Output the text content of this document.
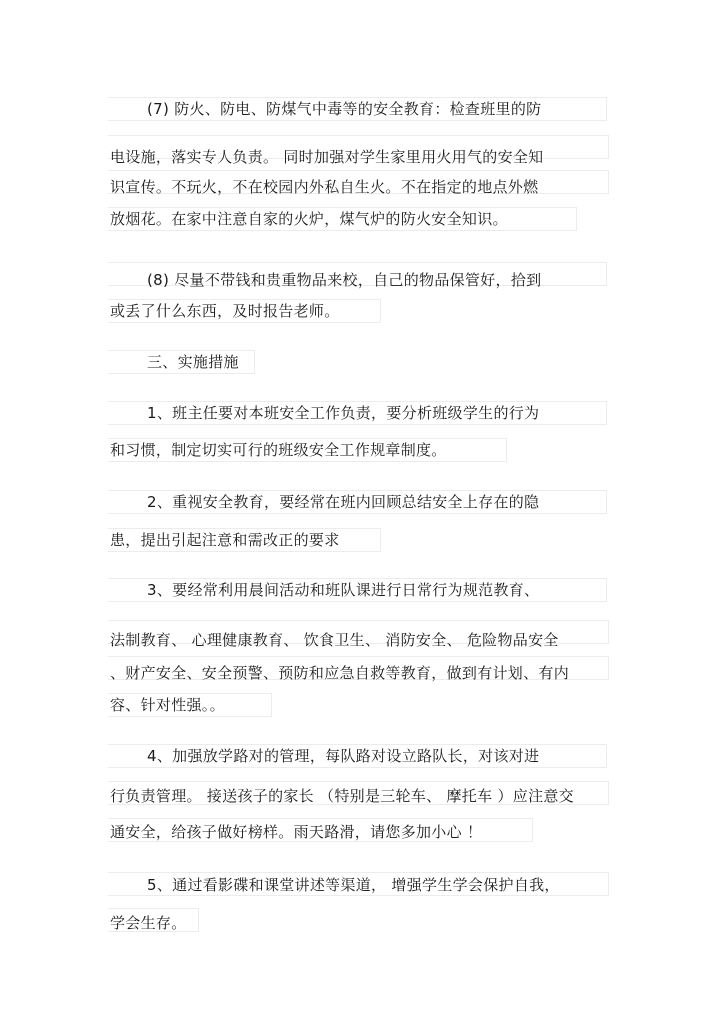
(7) 防火、防电、防煤气中毒等的安全教育：检查班里的防
电设施，落实专人负责。 同时加强对学生家里用火用气的安全知
识宣传。不玩火，不在校园内外私自生火。不在指定的地点外燃
放烟花。在家中注意自家的火炉，煤气炉的防火安全知识。
(8) 尽量不带钱和贵重物品来校，自己的物品保管好，拾到
或丢了什么东西，及时报告老师。
三、实施措施
1、班主任要对本班安全工作负责，要分析班级学生的行为
和习惯，制定切实可行的班级安全工作规章制度。
2、重视安全教育，要经常在班内回顾总结安全上存在的隐
患，提出引起注意和需改正的要求
3、要经常利用晨间活动和班队课进行日常行为规范教育、
法制教育、 心理健康教育、 饮食卫生、 消防安全、 危险物品安全
、财产安全、安全预警、预防和应急自救等教育，做到有计划、有内
容、针对性强。。
4、加强放学路对的管理，每队路对设立路队长，对该对进
行负责管理。 接送孩子的家长 （特别是三轮车、 摩托车 ）应注意交
通安全，给孩子做好榜样。雨天路滑，请您多加小心 ！
5、通过看影碟和课堂讲述等渠道， 增强学生学会保护自我，
学会生存。
